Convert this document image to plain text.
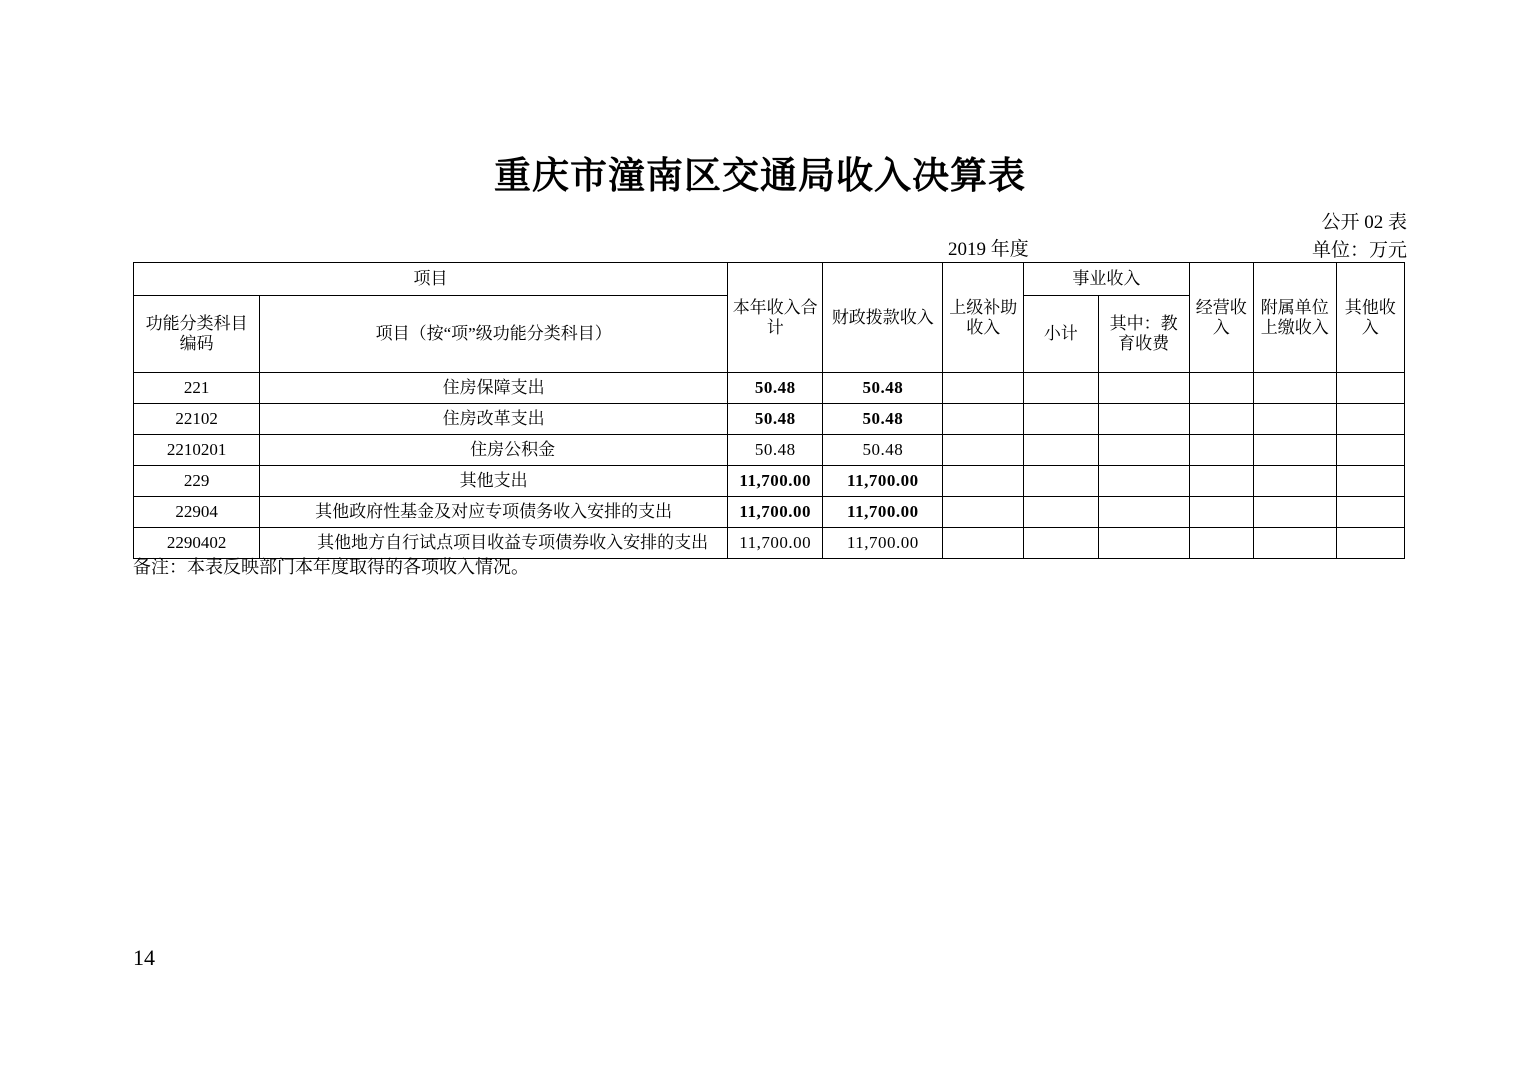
重庆市潼南区交通局收入决算表
公开 02 表
单位：万元
2019 年度
项目		本年收入合计	财政拨款收入	上级补助收入	事业收入		经营收入	附属单位上缴收入	其他收入
功能分类科目编码	项目（按“项”级功能分类科目）				小计	其中：教育收费			
221	住房保障支出	50.48	50.48						
22102	住房改革支出	50.48	50.48						
2210201	住房公积金	50.48	50.48						
229	其他支出	11,700.00	11,700.00						
22904	其他政府性基金及对应专项债务收入安排的支出	11,700.00	11,700.00						
2290402	其他地方自行试点项目收益专项债券收入安排的支出	11,700.00	11,700.00						
备注：本表反映部门本年度取得的各项收入情况。
14
